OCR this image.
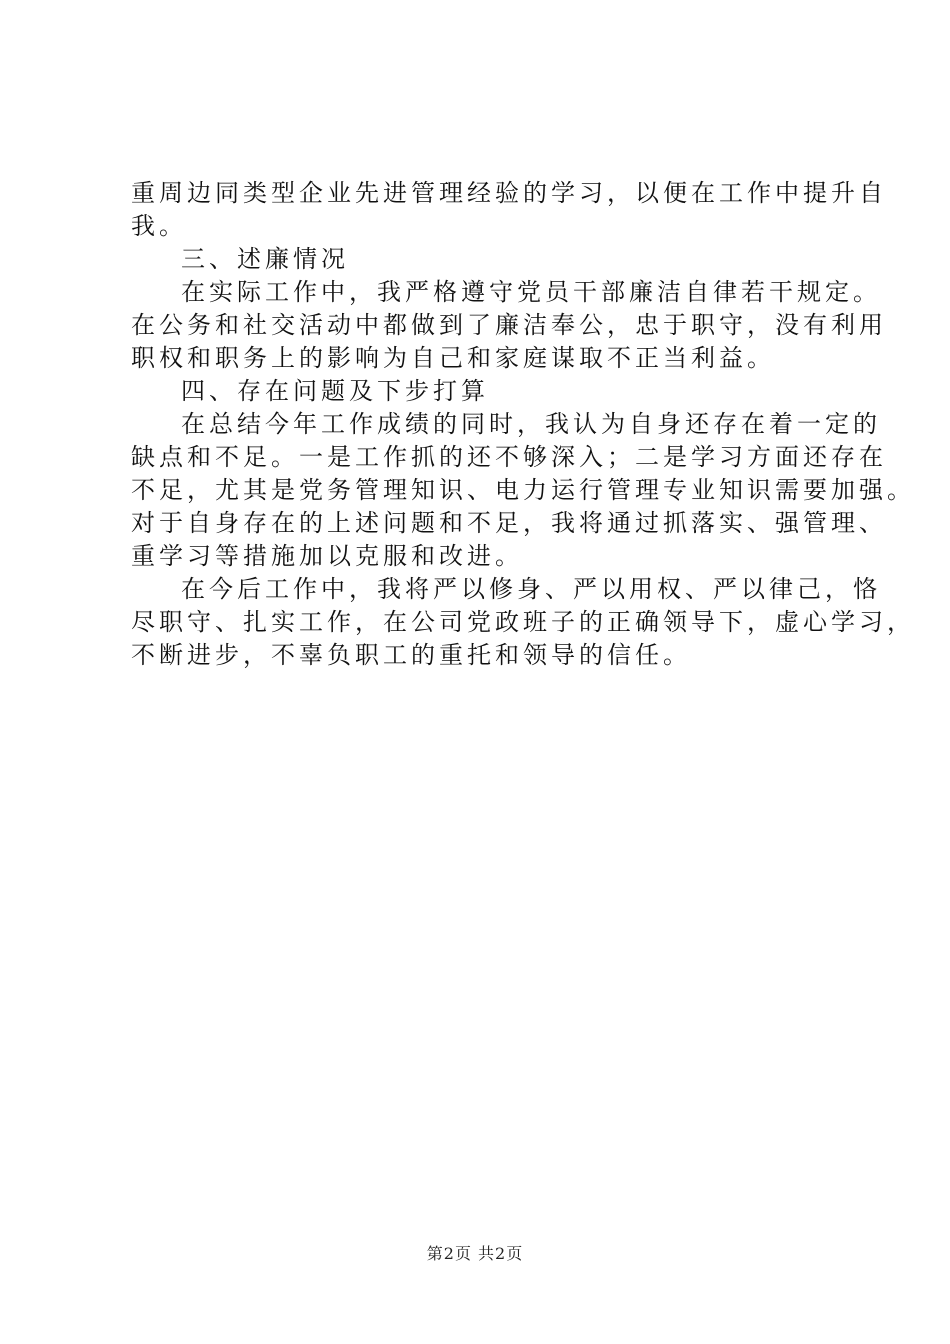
重周边同类型企业先进管理经验的学习，以便在工作中提升自
我。
三、述廉情况
在实际工作中，我严格遵守党员干部廉洁自律若干规定。
在公务和社交活动中都做到了廉洁奉公，忠于职守，没有利用
职权和职务上的影响为自己和家庭谋取不正当利益。
四、存在问题及下步打算
在总结今年工作成绩的同时，我认为自身还存在着一定的
缺点和不足。一是工作抓的还不够深入；二是学习方面还存在
不足，尤其是党务管理知识、电力运行管理专业知识需要加强。
对于自身存在的上述问题和不足，我将通过抓落实、强管理、
重学习等措施加以克服和改进。
在今后工作中，我将严以修身、严以用权、严以律己，恪
尽职守、扎实工作，在公司党政班子的正确领导下，虚心学习，
不断进步，不辜负职工的重托和领导的信任。
第2页 共2页
